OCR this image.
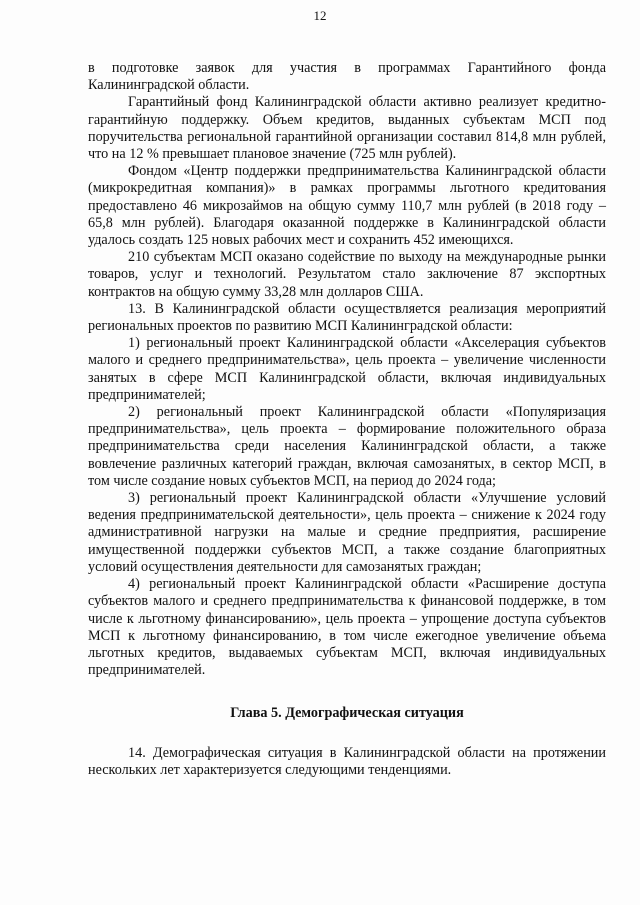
12

в подготовке заявок для участия в программах Гарантийного фонда Калининградской области.

Гарантийный фонд Калининградской области активно реализует кредитно-гарантийную поддержку. Объем кредитов, выданных субъектам МСП под поручительства региональной гарантийной организации составил 814,8 млн рублей, что на 12 % превышает плановое значение (725 млн рублей).

Фондом «Центр поддержки предпринимательства Калининградской области (микрокредитная компания)» в рамках программы льготного кредитования предоставлено 46 микрозаймов на общую сумму 110,7 млн рублей (в 2018 году – 65,8 млн рублей). Благодаря оказанной поддержке в Калининградской области удалось создать 125 новых рабочих мест и сохранить 452 имеющихся.

210 субъектам МСП оказано содействие по выходу на международные рынки товаров, услуг и технологий. Результатом стало заключение 87 экспортных контрактов на общую сумму 33,28 млн долларов США.

13. В Калининградской области осуществляется реализация мероприятий региональных проектов по развитию МСП Калининградской области:

1) региональный проект Калининградской области «Акселерация субъектов малого и среднего предпринимательства», цель проекта – увеличение численности занятых в сфере МСП Калининградской области, включая индивидуальных предпринимателей;

2) региональный проект Калининградской области «Популяризация предпринимательства», цель проекта – формирование положительного образа предпринимательства среди населения Калининградской области, а также вовлечение различных категорий граждан, включая самозанятых, в сектор МСП, в том числе создание новых субъектов МСП, на период до 2024 года;

3) региональный проект Калининградской области «Улучшение условий ведения предпринимательской деятельности», цель проекта – снижение к 2024 году административной нагрузки на малые и средние предприятия, расширение имущественной поддержки субъектов МСП, а также создание благоприятных условий осуществления деятельности для самозанятых граждан;

4) региональный проект Калининградской области «Расширение доступа субъектов малого и среднего предпринимательства к финансовой поддержке, в том числе к льготному финансированию», цель проекта – упрощение доступа субъектов МСП к льготному финансированию, в том числе ежегодное увеличение объема льготных кредитов, выдаваемых субъектам МСП, включая индивидуальных предпринимателей.

Глава 5. Демографическая ситуация

14. Демографическая ситуация в Калининградской области на протяжении нескольких лет характеризуется следующими тенденциями.
